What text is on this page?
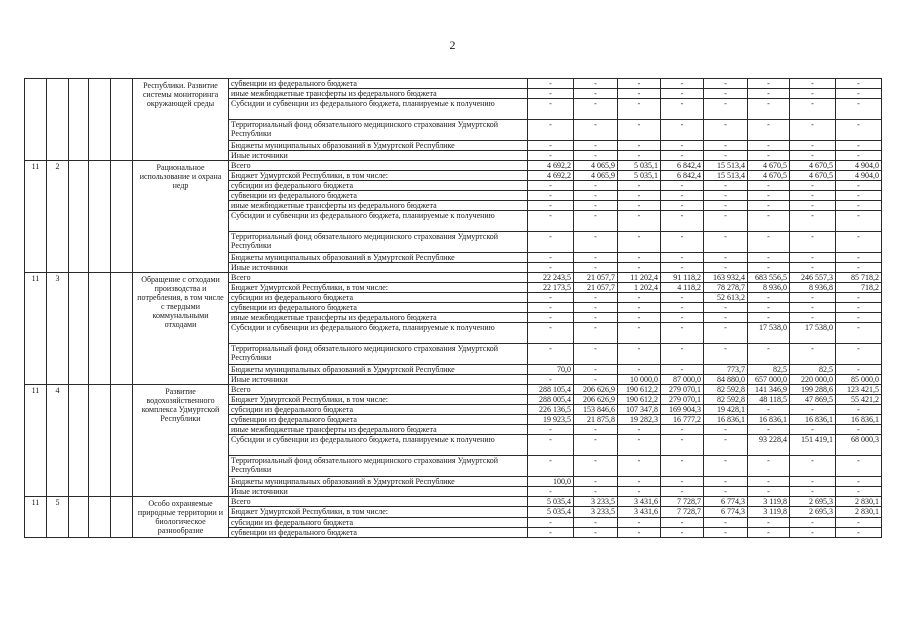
2
					Республики. Развитие системы мониторинга окружающей среды	субвенции из федерального бюджета	-	-	-	-	-	-	-	-
						иные межбюджетные трансферты из федерального бюджета	-	-	-	-	-	-	-	-
						Субсидии и субвенции из федерального бюджета, планируемые к получению	-	-	-	-	-	-	-	-
						Территориальный фонд обязательного медицинского страхования Удмуртской Республики	-	-	-	-	-	-	-	-
						Бюджеты муниципальных образований в Удмуртской Республике	-	-	-	-	-	-	-	-
						Иные источники	-	-	-	-	-	-	-	-
11	2				Рациональное использование и охрана недр	Всего	4 692,2	4 065,9	5 035,1	6 842,4	15 513,4	4 670,5	4 670,5	4 904,0
						Бюджет Удмуртской Республики, в том числе:	4 692,2	4 065,9	5 035,1	6 842,4	15 513,4	4 670,5	4 670,5	4 904,0
						субсидии из федерального бюджета	-	-	-	-	-	-	-	-
						субвенции из федерального бюджета	-	-	-	-	-	-	-	-
						иные межбюджетные трансферты из федерального бюджета	-	-	-	-	-	-	-	-
						Субсидии и субвенции из федерального бюджета, планируемые к получению	-	-	-	-	-	-	-	-
						Территориальный фонд обязательного медицинского страхования Удмуртской Республики	-	-	-	-	-	-	-	-
						Бюджеты муниципальных образований в Удмуртской Республике	-	-	-	-	-	-	-	-
						Иные источники	-	-	-	-	-	-	-	-
11	3				Обращение с отходами производства и потребления, в том числе с твердыми коммунальными отходами	Всего	22 243,5	21 057,7	11 202,4	91 118,2	163 932,4	683 556,5	246 557,3	85 718,2
						Бюджет Удмуртской Республики, в том числе:	22 173,5	21 057,7	1 202,4	4 118,2	78 278,7	8 936,0	8 936,8	718,2
						субсидии из федерального бюджета	-	-	-	-	52 613,2	-	-	-
						субвенции из федерального бюджета	-	-	-	-	-	-	-	-
						иные межбюджетные трансферты из федерального бюджета	-	-	-	-	-	-	-	-
						Субсидии и субвенции из федерального бюджета, планируемые к получению	-	-	-	-	-	17 538,0	17 538,0	-
						Территориальный фонд обязательного медицинского страхования Удмуртской Республики	-	-	-	-	-	-	-	-
						Бюджеты муниципальных образований в Удмуртской Республике	70,0	-	-	-	773,7	82,5	82,5	-
						Иные источники	-	-	10 000,0	87 000,0	84 880,0	657 000,0	220 000,0	85 000,0
11	4				Развитие водохозяйственного комплекса Удмуртской Республики	Всего	288 105,4	206 626,9	190 612,2	279 070,1	82 592,8	141 346,9	199 288,6	123 421,5
						Бюджет Удмуртской Республики, в том числе:	288 005,4	206 626,9	190 612,2	279 070,1	82 592,8	48 118,5	47 869,5	55 421,2
						субсидии из федерального бюджета	226 136,5	153 846,6	107 347,8	169 904,3	19 428,1	-	-	-
						субвенции из федерального бюджета	19 923,5	21 875,8	19 282,3	16 777,2	16 836,1	16 836,1	16 836,1	16 836,1
						иные межбюджетные трансферты из федерального бюджета	-	-	-	-	-	-	-	-
						Субсидии и субвенции из федерального бюджета, планируемые к получению	-	-	-	-	-	93 228,4	151 419,1	68 000,3
						Территориальный фонд обязательного медицинского страхования Удмуртской Республики	-	-	-	-	-	-	-	-
						Бюджеты муниципальных образований в Удмуртской Республике	100,0	-	-	-	-	-	-	-
						Иные источники	-	-	-	-	-	-	-	-
11	5				Особо охраняемые природные территории и биологическое разнообразие	Всего	5 035,4	3 233,5	3 431,6	7 728,7	6 774,3	3 119,8	2 695,3	2 830,1
						Бюджет Удмуртской Республики, в том числе:	5 035,4	3 233,5	3 431,6	7 728,7	6 774,3	3 119,8	2 695,3	2 830,1
						субсидии из федерального бюджета	-	-	-	-	-	-	-	-
						субвенции из федерального бюджета	-	-	-	-	-	-	-	-
